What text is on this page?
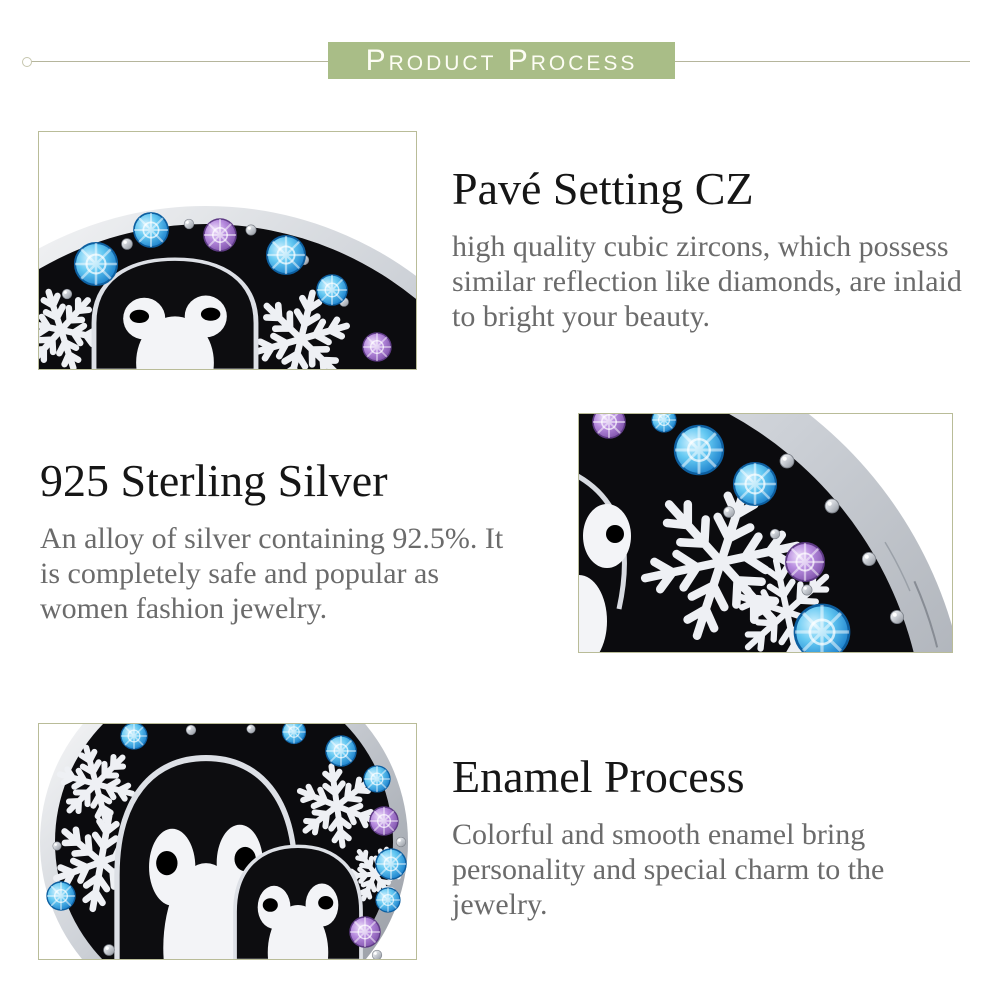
Product Process
Pavé Setting CZ

high quality cubic zircons, which possess similar reflection like diamonds, are inlaid to bright your beauty.

925 Sterling Silver

An alloy of silver containing 92.5%. It is completely safe and popular as women fashion jewelry.

Enamel Process

Colorful and smooth enamel bring personality and special charm to the jewelry.
